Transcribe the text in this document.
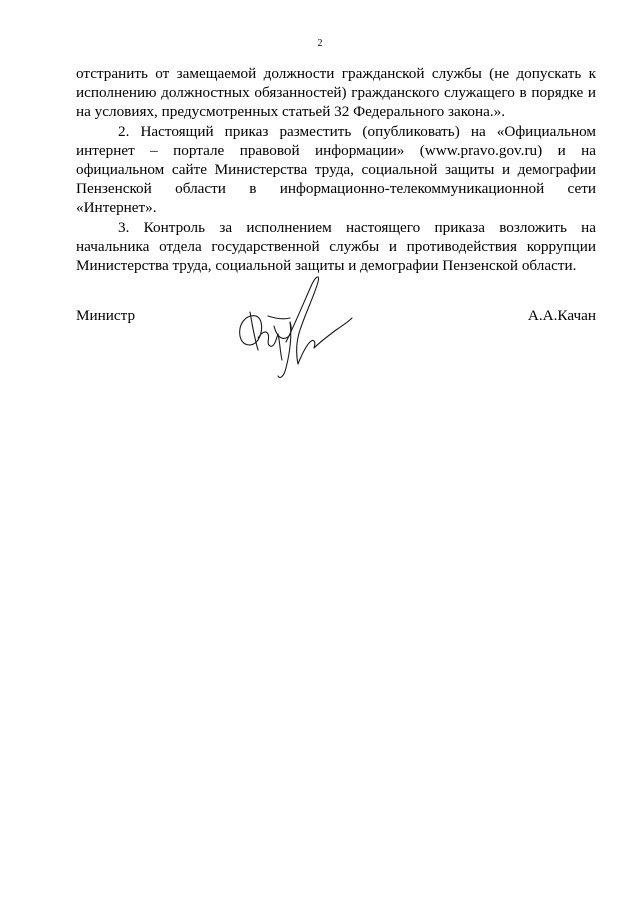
2

отстранить от замещаемой должности гражданской службы (не допускать к исполнению должностных обязанностей) гражданского служащего в порядке и на условиях, предусмотренных статьей 32 Федерального закона.».

2. Настоящий приказ разместить (опубликовать) на «Официальном интернет – портале правовой информации» (www.pravo.gov.ru) и на официальном сайте Министерства труда, социальной защиты и демографии Пензенской области в информационно-телекоммуникационной сети «Интернет».

3. Контроль за исполнением настоящего приказа возложить на начальника отдела государственной службы и противодействия коррупции Министерства труда, социальной защиты и демографии Пензенской области.

Министр	А.А.Качан
